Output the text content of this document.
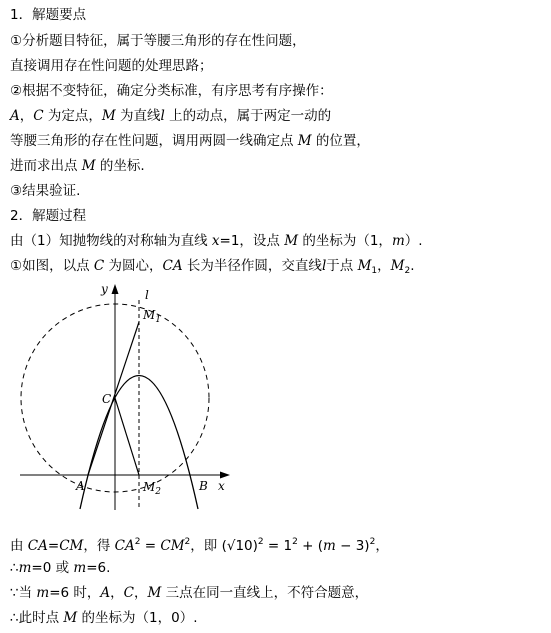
1．解题要点
①分析题目特征，属于等腰三角形的存在性问题，
直接调用存在性问题的处理思路；
②根据不变特征，确定分类标准，有序思考有序操作：
A，C 为定点，M 为直线l 上的动点，属于两定一动的
等腰三角形的存在性问题，调用两圆一线确定点 M 的位置，
进而求出点 M 的坐标.
③结果验证.
2．解题过程
由（1）知抛物线的对称轴为直线 x=1，设点 M 的坐标为（1，m）.
①如图，以点 C 为圆心，CA 长为半径作圆，交直线l于点 $M_1$，$M_2$.
y	l
$M_1$
C
A	$M_2$	B x
由 CA=CM，得 $CA^2 = CM^2$，即 $(√10)^2 = 1^2 + (m - 3)^2$，
∴m=0 或 m=6.
∵当 m=6 时，A，C，M 三点在同一直线上，不符合题意，
∴此时点 M 的坐标为（1，0）.
